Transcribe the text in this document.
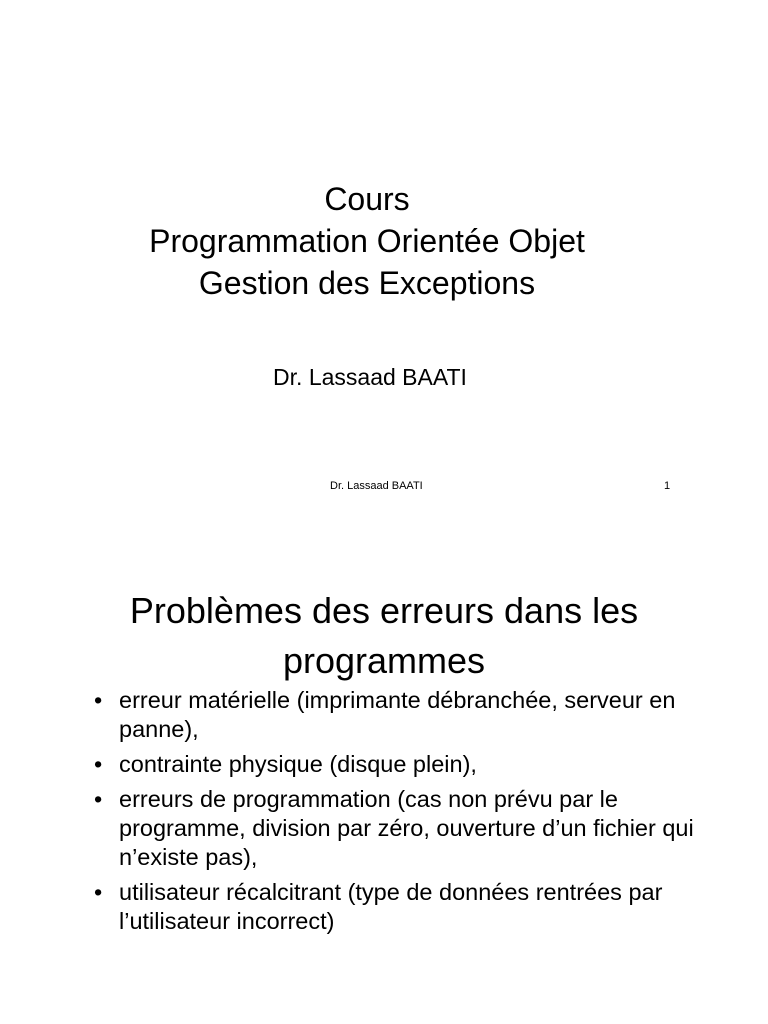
Cours
Programmation Orientée Objet
Gestion des Exceptions
Dr. Lassaad BAATI
Dr. Lassaad BAATI	1
Problèmes des erreurs dans les
programmes
• erreur matérielle (imprimante débranchée, serveur en panne),
• contrainte physique (disque plein),
• erreurs de programmation (cas non prévu par le programme, division par zéro, ouverture d’un fichier qui n’existe pas),
• utilisateur récalcitrant (type de données rentrées par l’utilisateur incorrect)
